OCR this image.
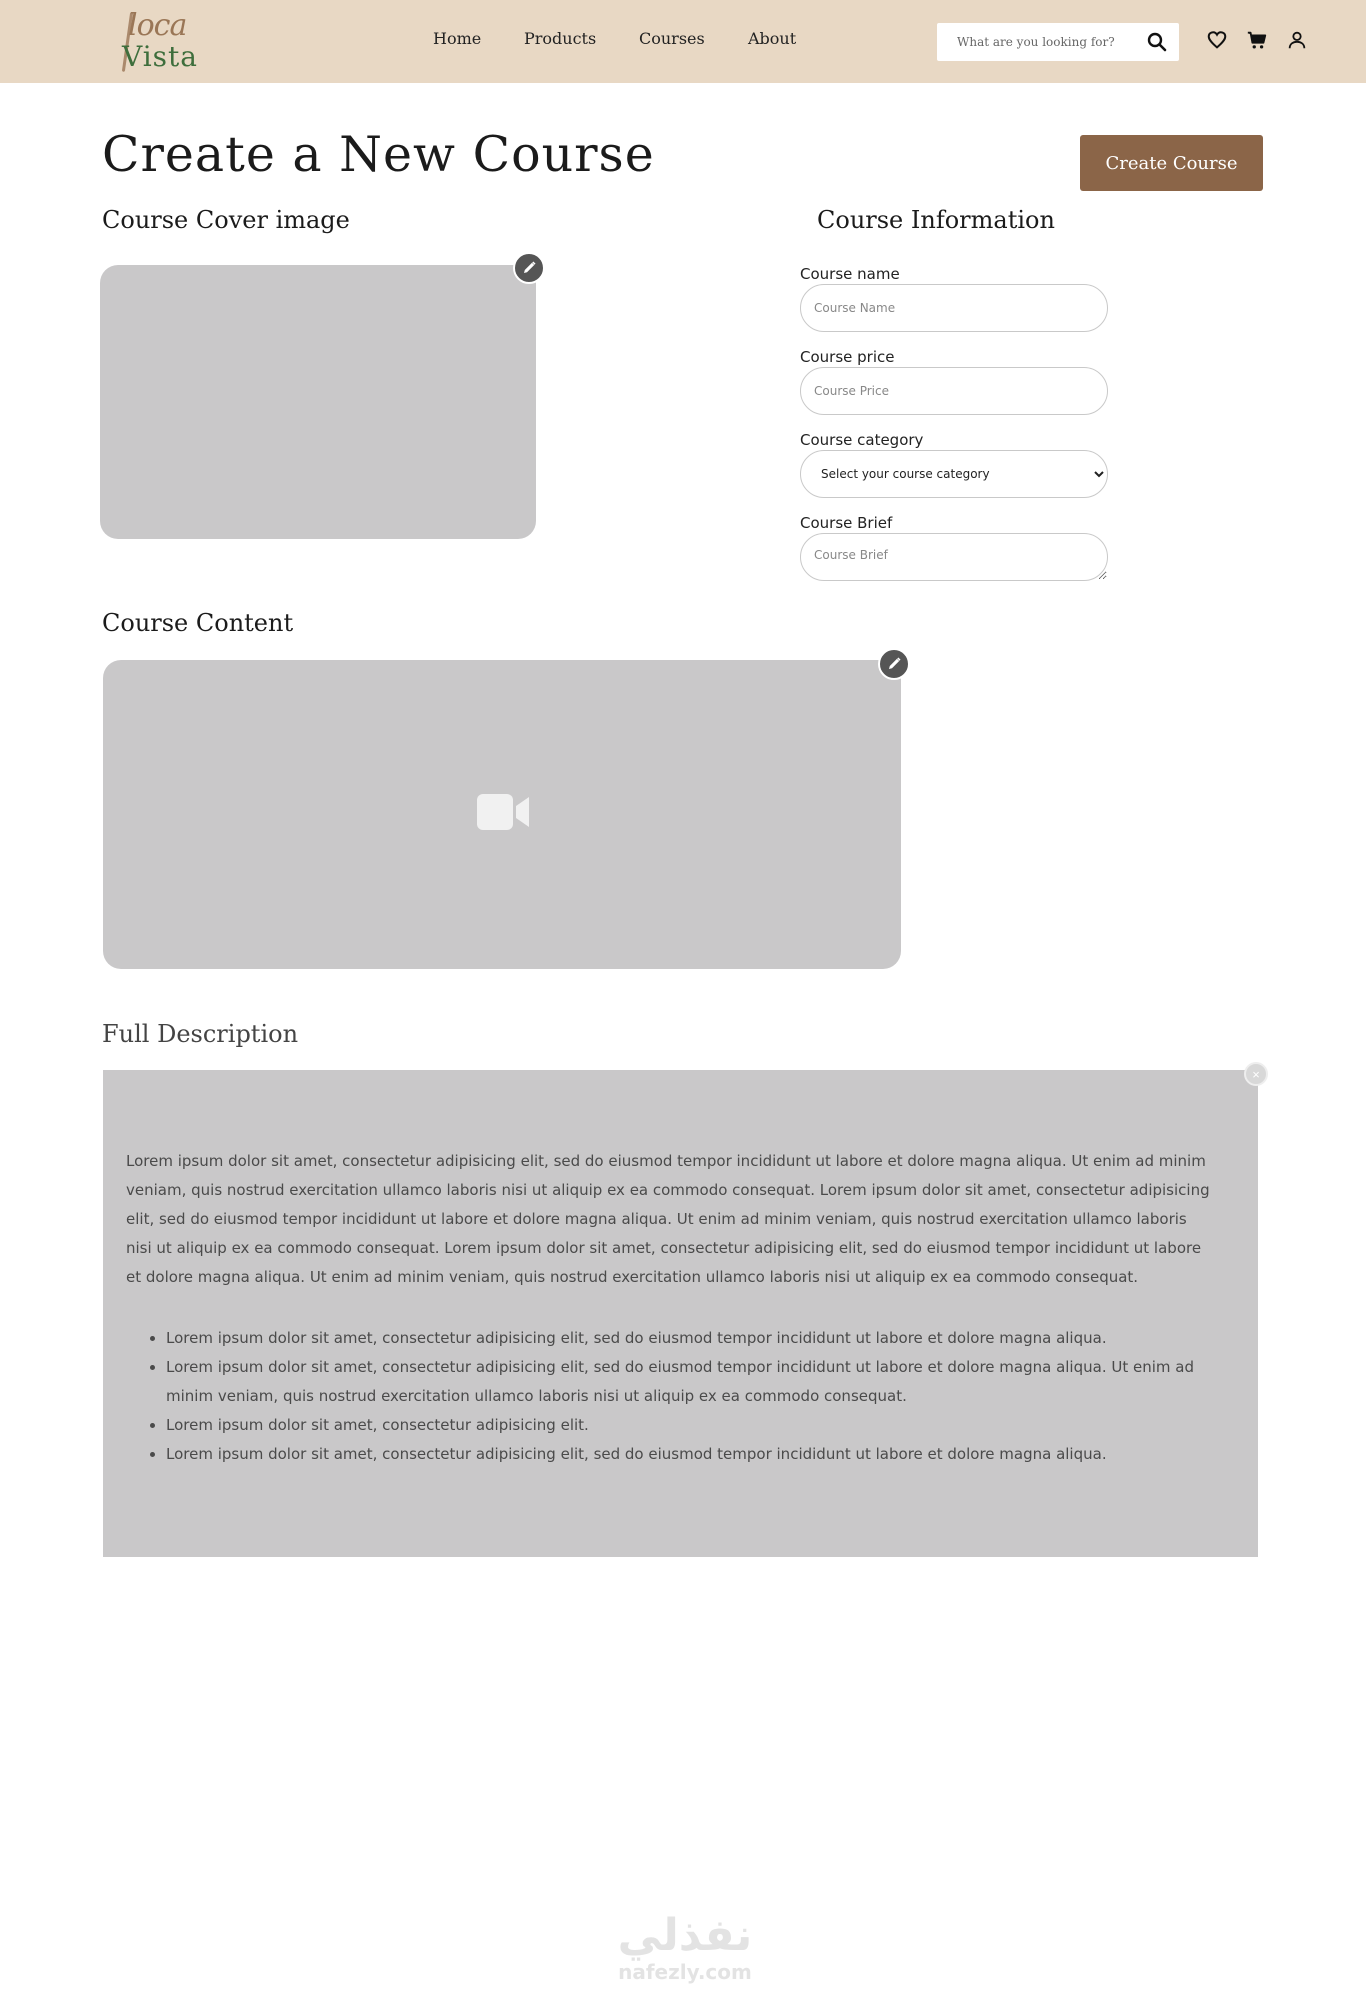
loca
Vista
Home	Products	Courses	About
What are you looking for?
Create a New Course	Create Course
Course Cover image	Course Information
Course name
Course Name
Course price
Course Price
Course category
Select your course category
Course Brief
Course Brief
Course Content
Full Description

Lorem ipsum dolor sit amet, consectetur adipisicing elit, sed do eiusmod tempor incididunt ut labore et dolore magna aliqua. Ut enim ad minim veniam, quis nostrud exercitation ullamco laboris nisi ut aliquip ex ea commodo consequat. Lorem ipsum dolor sit amet, consectetur adipisicing elit, sed do eiusmod tempor incididunt ut labore et dolore magna aliqua. Ut enim ad minim veniam, quis nostrud exercitation ullamco laboris nisi ut aliquip ex ea commodo consequat. Lorem ipsum dolor sit amet, consectetur adipisicing elit, sed do eiusmod tempor incididunt ut labore et dolore magna aliqua. Ut enim ad minim veniam, quis nostrud exercitation ullamco laboris nisi ut aliquip ex ea commodo consequat.

• Lorem ipsum dolor sit amet, consectetur adipisicing elit, sed do eiusmod tempor incididunt ut labore et dolore magna aliqua.
• Lorem ipsum dolor sit amet, consectetur adipisicing elit, sed do eiusmod tempor incididunt ut labore et dolore magna aliqua. Ut enim ad minim veniam, quis nostrud exercitation ullamco laboris nisi ut aliquip ex ea commodo consequat.
• Lorem ipsum dolor sit amet, consectetur adipisicing elit.
• Lorem ipsum dolor sit amet, consectetur adipisicing elit, sed do eiusmod tempor incididunt ut labore et dolore magna aliqua.
×
نفذلي
nafezly.com
